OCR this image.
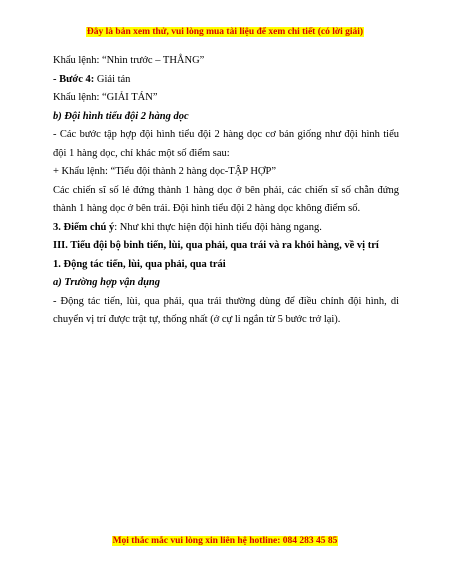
Đây là bản xem thử, vui lòng mua tài liệu để xem chi tiết (có lời giải)

Khẩu lệnh: “Nhìn trước – THẲNG”

- Bước 4: Giải tán

Khẩu lệnh: “GIẢI TÁN”

b) Đội hình tiểu đội 2 hàng dọc

- Các bước tập hợp đội hình tiểu đội 2 hàng dọc cơ bản giống như đội hình tiểu đội 1 hàng dọc, chỉ khác một số điểm sau:

+ Khẩu lệnh: “Tiểu đội thành 2 hàng dọc-TẬP HỢP”

Các chiến sĩ số lẻ đứng thành 1 hàng dọc ở bên phải, các chiến sĩ số chẵn đứng thành 1 hàng dọc ở bên trái. Đội hình tiểu đội 2 hàng dọc không điểm số.

3. Điểm chú ý: Như khi thực hiện đội hình tiểu đội hàng ngang.

III. Tiểu đội bộ binh tiến, lùi, qua phải, qua trái và ra khỏi hàng, về vị trí

1. Động tác tiến, lùi, qua phải, qua trái

a) Trường hợp vận dụng

- Động tác tiến, lùi, qua phải, qua trái thường dùng để điều chỉnh đội hình, di chuyển vị trí được trật tự, thống nhất (ở cự li ngắn từ 5 bước trở lại).

Mọi thắc mắc vui lòng xin liên hệ hotline: 084 283 45 85
